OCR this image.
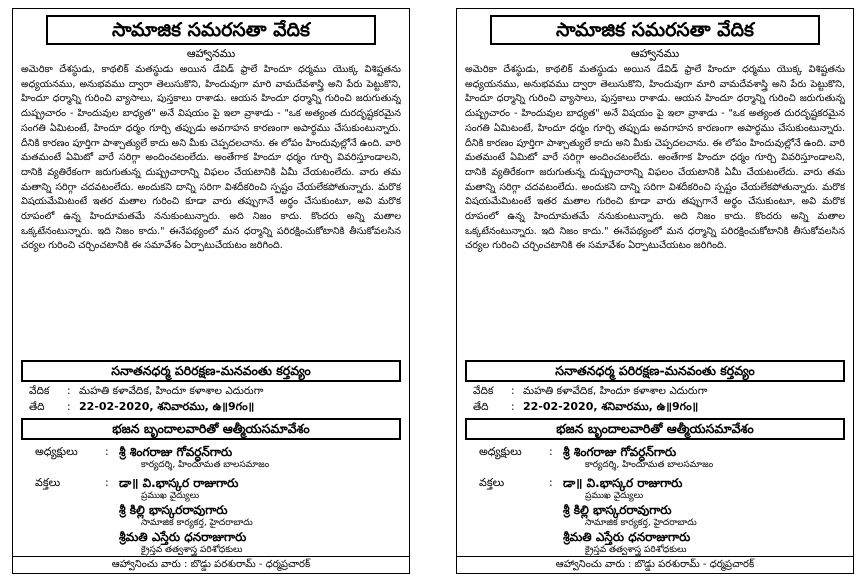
సామాజిక సమరసతా వేదిక
ఆహ్వానము
అమెరికా దేశస్థుడు, కాథలిక్ మతస్థుడు అయిన డేవిడ్ ఫ్రాలే హిందూ ధర్మము యొక్క విశిష్టతను అధ్యయనము, అనుభవము ద్వారా తెలుసుకొని, హిందువుగా మారి వామదేవశాస్త్రి అని పేరు పెట్టుకొని, హిందూ ధర్మాన్ని గురించి వ్యాసాలు, పుస్తకాలు రాశాడు. ఆయన హిందూ ధర్మాన్ని గురించి జరుగుతున్న దుష్ప్రచారం - హిందువుల బాధ్యత" అనే విషయం పై ఇలా వ్రాశాడు - "ఒక అత్యంత దురదృష్టకరమైన సంగతి ఏమిటంటే, హిందూ ధర్మం గూర్చి తప్పుడు అవగాహన కారణంగా అపార్థము చేసుకుంటున్నారు. దీనికి కారణం పూర్తిగా పాశ్చాత్యులే కాదు అని మీకు చెప్పదలచాను. ఈ లోపం హిందువుల్లోనే ఉంది. వారి మతమంటే ఏమిటో వారే సరిగ్గా అందించటంలేదు. అంతేగాక హిందూ ధర్మం గూర్చి వివరిస్తూండాలని, దానికి వ్యతిరేకంగా జరుగుతున్న దుష్ప్రచారాన్ని విఫలం చేయటానికి ఏమీ చేయటంలేదు. వారు తమ మతాన్ని సరిగ్గా చదవటంలేదు. అందుకని దాన్ని సరిగా విశదీకరించి స్పష్టం చేయలేకపోతున్నారు. మరొక విషయమేమిటంటే ఇతర మతాల గురించి కూడా వారు తప్పుగానే అర్థం చేసుకుంటూ, అవి మరొక రూపంలో ఉన్న హిందూమతమే ననుకుంటున్నారు. అది నిజం కాదు. కొందరు అన్ని మతాల ఒక్కటేనంటున్నారు. ఇది నిజం కాదు." ఈనేపథ్యంలో మన ధర్మాన్ని పరిరక్షించుకోటానికి తీసుకోవలసిన చర్యల గురించి చర్చించటానికి ఈ సమావేశం ఏర్పాటుచేయటం జరిగింది.
సనాతనధర్మ పరిరక్షణ-మనవంతు కర్తవ్యం
వేదిక	: మహతి కళావేదిక, హిందూ కళాశాల ఎదురుగా
తేది	: 22-02-2020, శనివారము, ఉ॥9గం॥
భజన బృందాలవారితో ఆత్మీయసమావేశం
అధ్యక్షులు	: శ్రీ శింగరాజు గోవర్ధన్‌గారు
కార్యదర్శి, హిందూమత బాలసమాజం
వక్తలు	: డా॥ వి.భాస్కర రాజుగారు
ప్రముఖ వైద్యులు
శ్రీ కిల్లి భాస్కరరావుగారు
సామాజిక కార్యకర్త, హైదరాబాదు
శ్రీమతి ఎస్తేరు ధనరాజుగారు
క్రైస్తవ తత్వశాస్త్ర పరిశోధకులు
ఆహ్వానించు వారు : బొడ్డు పరశురామ్ - ధర్మప్రచారక్
సామాజిక సమరసతా వేదిక
ఆహ్వానము
అమెరికా దేశస్థుడు, కాథలిక్ మతస్థుడు అయిన డేవిడ్ ఫ్రాలే హిందూ ధర్మము యొక్క విశిష్టతను అధ్యయనము, అనుభవము ద్వారా తెలుసుకొని, హిందువుగా మారి వామదేవశాస్త్రి అని పేరు పెట్టుకొని, హిందూ ధర్మాన్ని గురించి వ్యాసాలు, పుస్తకాలు రాశాడు. ఆయన హిందూ ధర్మాన్ని గురించి జరుగుతున్న దుష్ప్రచారం - హిందువుల బాధ్యత" అనే విషయం పై ఇలా వ్రాశాడు - "ఒక అత్యంత దురదృష్టకరమైన సంగతి ఏమిటంటే, హిందూ ధర్మం గూర్చి తప్పుడు అవగాహన కారణంగా అపార్థము చేసుకుంటున్నారు. దీనికి కారణం పూర్తిగా పాశ్చాత్యులే కాదు అని మీకు చెప్పదలచాను. ఈ లోపం హిందువుల్లోనే ఉంది. వారి మతమంటే ఏమిటో వారే సరిగ్గా అందించటంలేదు. అంతేగాక హిందూ ధర్మం గూర్చి వివరిస్తూండాలని, దానికి వ్యతిరేకంగా జరుగుతున్న దుష్ప్రచారాన్ని విఫలం చేయటానికి ఏమీ చేయటంలేదు. వారు తమ మతాన్ని సరిగ్గా చదవటంలేదు. అందుకని దాన్ని సరిగా విశదీకరించి స్పష్టం చేయలేకపోతున్నారు. మరొక విషయమేమిటంటే ఇతర మతాల గురించి కూడా వారు తప్పుగానే అర్థం చేసుకుంటూ, అవి మరొక రూపంలో ఉన్న హిందూమతమే ననుకుంటున్నారు. అది నిజం కాదు. కొందరు అన్ని మతాల ఒక్కటేనంటున్నారు. ఇది నిజం కాదు." ఈనేపథ్యంలో మన ధర్మాన్ని పరిరక్షించుకోటానికి తీసుకోవలసిన చర్యల గురించి చర్చించటానికి ఈ సమావేశం ఏర్పాటుచేయటం జరిగింది.
సనాతనధర్మ పరిరక్షణ-మనవంతు కర్తవ్యం
వేదిక	: మహతి కళావేదిక, హిందూ కళాశాల ఎదురుగా
తేది	: 22-02-2020, శనివారము, ఉ॥9గం॥
భజన బృందాలవారితో ఆత్మీయసమావేశం
అధ్యక్షులు	: శ్రీ శింగరాజు గోవర్ధన్‌గారు
కార్యదర్శి, హిందూమత బాలసమాజం
వక్తలు	: డా॥ వి.భాస్కర రాజుగారు
ప్రముఖ వైద్యులు
శ్రీ కిల్లి భాస్కరరావుగారు
సామాజిక కార్యకర్త, హైదరాబాదు
శ్రీమతి ఎస్తేరు ధనరాజుగారు
క్రైస్తవ తత్వశాస్త్ర పరిశోధకులు
ఆహ్వానించు వారు : బొడ్డు పరశురామ్ - ధర్మప్రచారక్
